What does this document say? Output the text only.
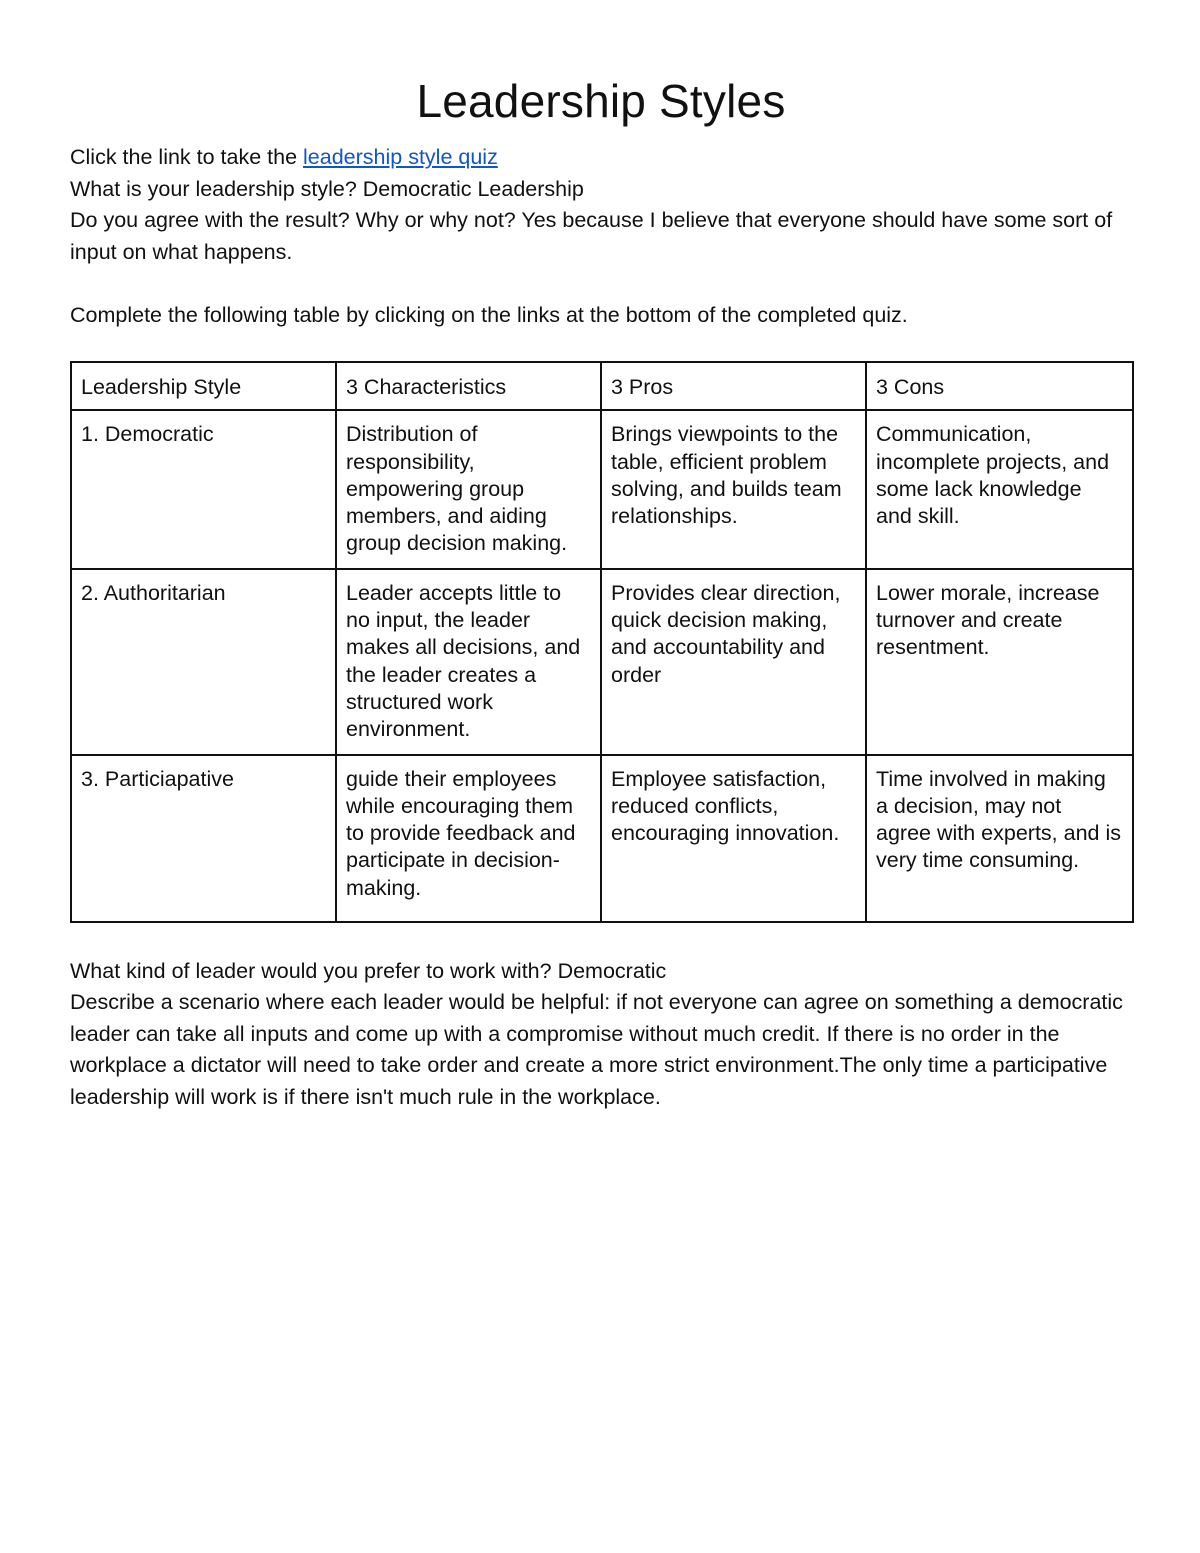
Leadership Styles

Click the link to take the leadership style quiz

What is your leadership style? Democratic Leadership

Do you agree with the result? Why or why not? Yes because I believe that everyone should have some sort of input on what happens.

Complete the following table by clicking on the links at the bottom of the completed quiz.

Leadership Style	3 Characteristics	3 Pros	3 Cons
1. Democratic	Distribution of responsibility, empowering group members, and aiding group decision making.	Brings viewpoints to the table, efficient problem solving, and builds team relationships.	Communication, incomplete projects, and some lack knowledge and skill.
2. Authoritarian	Leader accepts little to no input, the leader makes all decisions, and the leader creates a structured work environment.	Provides clear direction, quick decision making, and accountability and order	Lower morale, increase turnover and create resentment.
3. Particiapative	guide their employees while encouraging them to provide feedback and participate in decision-making.	Employee satisfaction, reduced conflicts, encouraging innovation.	Time involved in making a decision, may not agree with experts, and is very time consuming.

What kind of leader would you prefer to work with? Democratic

Describe a scenario where each leader would be helpful: if not everyone can agree on something a democratic leader can take all inputs and come up with a compromise without much credit. If there is no order in the workplace a dictator will need to take order and create a more strict environment.The only time a participative leadership will work is if there isn't much rule in the workplace.
